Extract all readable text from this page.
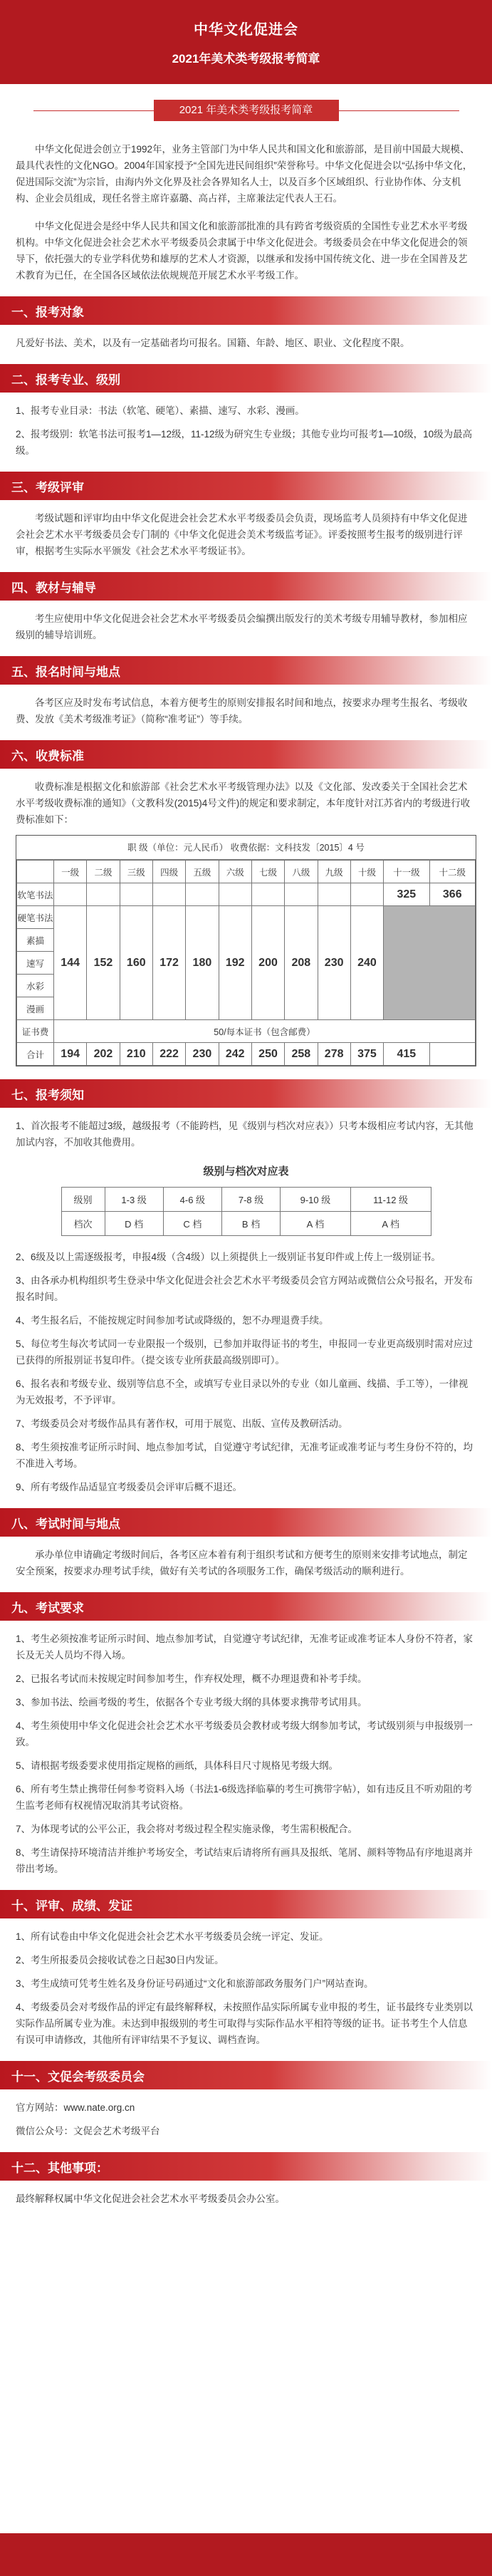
中华文化促进会
2021年美术类考级报考简章
2021 年美术类考级报考简章

中华文化促进会创立于1992年，业务主管部门为中华人民共和国文化和旅游部，是目前中国最大规模、最具代表性的文化NGO。2004年国家授予“全国先进民间组织”荣誉称号。中华文化促进会以“弘扬中华文化，促进国际交流”为宗旨，由海内外文化界及社会各界知名人士，以及百多个区域组织、行业协作体、分支机构、企业会员组成，现任名誉主席许嘉璐、高占祥，主席兼法定代表人王石。

中华文化促进会是经中华人民共和国文化和旅游部批准的具有跨省考级资质的全国性专业艺术水平考级机构。中华文化促进会社会艺术水平考级委员会隶属于中华文化促进会。考级委员会在中华文化促进会的领导下，依托强大的专业学科优势和雄厚的艺术人才资源，以继承和发扬中国传统文化、进一步在全国普及艺术教育为已任，在全国各区域依法依规规范开展艺术水平考级工作。

一、报考对象

凡爱好书法、美术，以及有一定基础者均可报名。国籍、年龄、地区、职业、文化程度不限。

二、报考专业、级别

1、报考专业目录：书法（软笔、硬笔）、素描、速写、水彩、漫画。

2、报考级别：软笔书法可报考1—12级，11-12级为研究生专业级；其他专业均可报考1—10级，10级为最高级。

三、考级评审

考级试题和评审均由中华文化促进会社会艺术水平考级委员会负责，现场监考人员须持有中华文化促进会社会艺术水平考级委员会专门制的《中华文化促进会美术考级监考证》。评委按照考生报考的级别进行评审，根据考生实际水平颁发《社会艺术水平考级证书》。

四、教材与辅导

考生应使用中华文化促进会社会艺术水平考级委员会编撰出版发行的美术考级专用辅导教材，参加相应级别的辅导培训班。

五、报名时间与地点

各考区应及时发布考试信息，本着方便考生的原则安排报名时间和地点，按要求办理考生报名、考级收费、发放《美术考级准考证》（简称“准考证”）等手续。

六、收费标准

收费标准是根据文化和旅游部《社会艺术水平考级管理办法》以及《文化部、发改委关于全国社会艺术水平考级收费标准的通知》（文教科发(2015)4号文件)的规定和要求制定，本年度针对江苏省内的考级进行收费标准如下：

职 级（单位：元人民币） 收费依据：文科技发〔2015〕4 号
	一级	二级	三级	四级	五级	六级	七级	八级	九级	十级	十一级	十二级
软笔书法											325	366
硬笔书法	144	152	160	172	180	192	200	208	230	240		
素描												
速写												
水彩												
漫画												
证书费	50/每本证书（包含邮费）											
合计	194	202	210	222	230	242	250	258	278	375	415	
七、报考须知

1、首次报考不能超过3级，越级报考（不能跨档，见《级别与档次对应表》）只考本级相应考试内容，无其他加试内容，不加收其他费用。

级别与档次对应表
级别	1-3 级	4-6 级	7-8 级	9-10 级	11-12 级
档次	D 档	C 档	B 档	A 档	A 档

2、6级及以上需逐级报考，申报4级（含4级）以上须提供上一级别证书复印件或上传上一级别证书。

3、由各承办机构组织考生登录中华文化促进会社会艺术水平考级委员会官方网站或微信公众号报名，开发布报名时间。

4、考生报名后，不能按规定时间参加考试或降级的，恕不办理退费手续。

5、每位考生每次考试同一专业限报一个级别，已参加并取得证书的考生，申报同一专业更高级别时需对应过已获得的所报别证书复印件。（提交该专业所获最高级别即可）。

6、报名表和考级专业、级别等信息不全，或填写专业目录以外的专业（如儿童画、线描、手工等），一律视为无效报考，不予评审。

7、考级委员会对考级作品具有著作权，可用于展览、出版、宣传及教研活动。

8、考生须按准考证所示时间、地点参加考试，自觉遵守考试纪律，无准考证或准考证与考生身份不符的，均不准进入考场。

9、所有考级作品适显宜考级委员会评审后概不退还。

八、考试时间与地点

承办单位申请确定考级时间后，各考区应本着有利于组织考试和方便考生的原则来安排考试地点，制定安全预案，按要求办理考试手续，做好有关考试的各项服务工作，确保考级活动的顺利进行。

九、考试要求

1、考生必须按准考证所示时间、地点参加考试，自觉遵守考试纪律，无准考证或准考证本人身份不符者，家长及无关人员均不得入场。

2、已报名考试而未按规定时间参加考生，作弃权处理，概不办理退费和补考手续。

3、参加书法、绘画考级的考生，依据各个专业考级大纲的具体要求携带考试用具。

4、考生须使用中华文化促进会社会艺术水平考级委员会教材或考级大纲参加考试，考试级别须与申报级别一致。

5、请根据考级委要求使用指定规格的画纸，具体科目尺寸规格见考级大纲。

6、所有考生禁止携带任何参考资料入场（书法1-6级选择临摹的考生可携带字帖），如有违反且不听劝阻的考生监考老师有权视情况取消其考试资格。

7、为体现考试的公平公正，我会将对考级过程全程实施录像，考生需积极配合。

8、考生请保持环境清洁并维护考场安全，考试结束后请将所有画具及报纸、笔屑、颜料等物品有序地退离并带出考场。

十、评审、成绩、发证

1、所有试卷由中华文化促进会社会艺术水平考级委员会统一评定、发证。

2、考生所报委员会接收试卷之日起30日内发证。

3、考生成绩可凭考生姓名及身份证号码通过“文化和旅游部政务服务门户”网站查询。

4、考级委员会对考级作品的评定有最终解释权，未按照作品实际所属专业申报的考生，证书最终专业类别以实际作品所属专业为准。未达到申报级别的考生可取得与实际作品水平相符等级的证书。证书考生个人信息有误可申请修改，其他所有评审结果不予复议、调档查询。

十一、文促会考级委员会

官方网站：www.nate.org.cn

微信公众号：文促会艺术考级平台

十二、其他事项：

最终解释权属中华文化促进会社会艺术水平考级委员会办公室。
